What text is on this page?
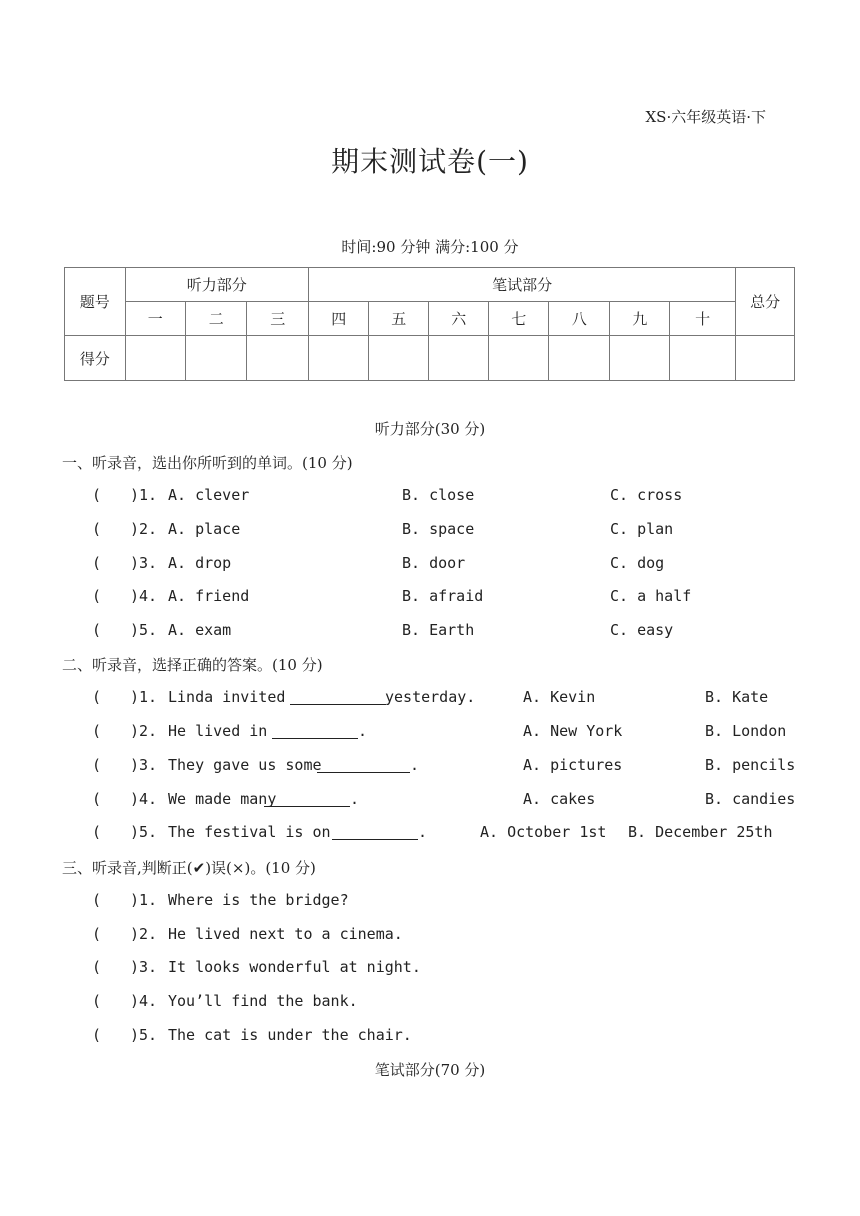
XS·六年级英语·下
期末测试卷(一)
时间:90 分钟 满分:100 分
题号	听力部分			笔试部分							总分
	一	二	三	四	五	六	七	八	九	十	
得分											
听力部分(30 分)
一、听录音，选出你所听到的单词。(10 分)
( )1. A. clever	B. close	C. cross
( )2. A. place	B. space	C. plan
( )3. A. drop	B. door	C. dog
( )4. A. friend	B. afraid	C. a half
( )5. A. exam	B. Earth	C. easy
二、听录音，选择正确的答案。(10 分)
( )1. Linda invited	yesterday.	A. Kevin	B. Kate
( )2. He lived in	.	A. New York	B. London
( )3. They gave us some	.	A. pictures	B. pencils
( )4. We made many	.	A. cakes	B. candies
( )5. The festival is on	.	A. October 1st B. December 25th
三、听录音,判断正(✔)误(×)。(10 分)
( )1. Where is the bridge?
( )2. He lived next to a cinema.
( )3. It looks wonderful at night.
( )4. You’ll find the bank.
( )5. The cat is under the chair.
笔试部分(70 分)
